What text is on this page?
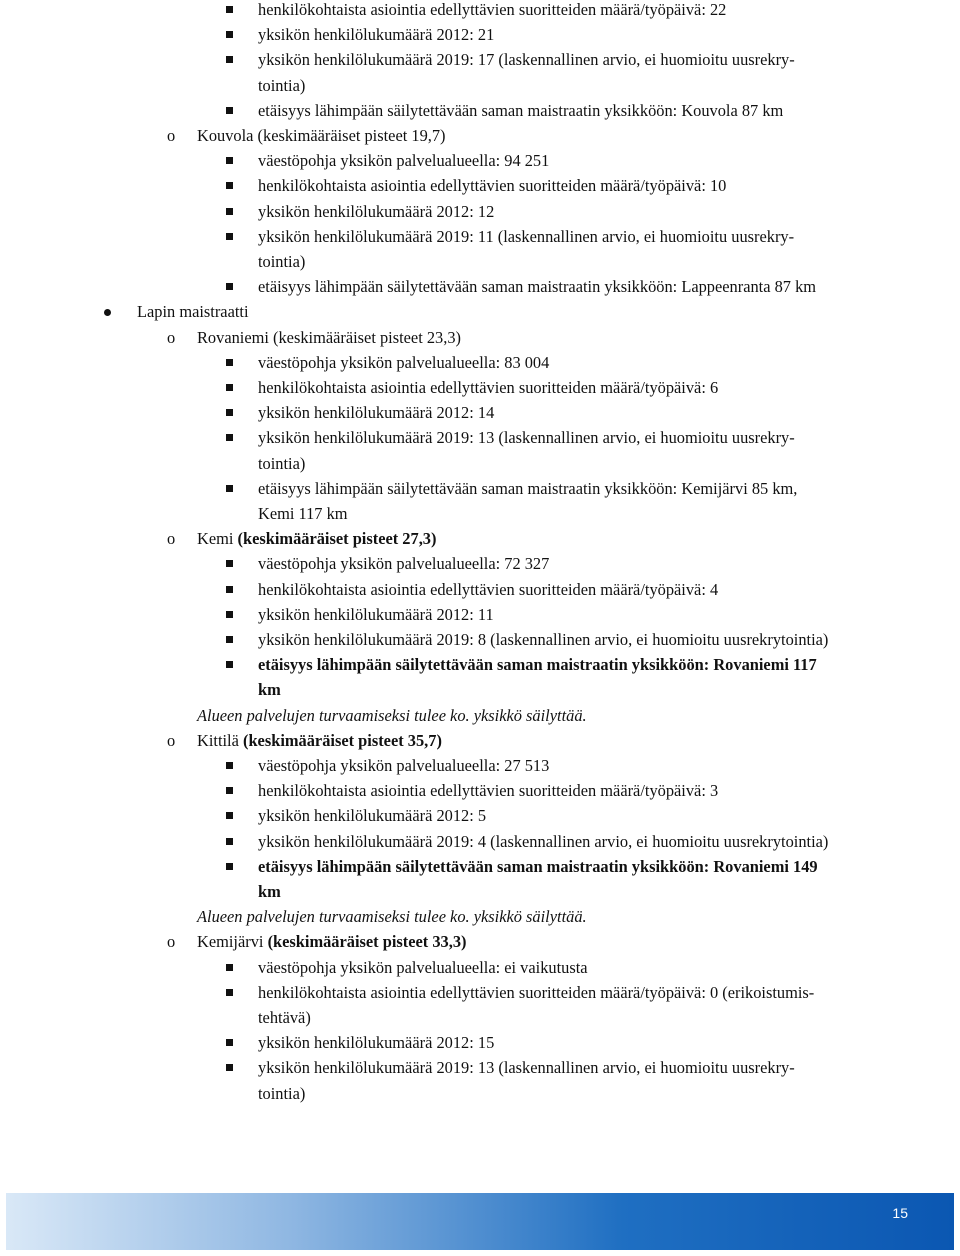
henkilökohtaista asiointia edellyttävien suoritteiden määrä/työpäivä: 22
yksikön henkilölukumäärä 2012: 21
yksikön henkilölukumäärä 2019: 17 (laskennallinen arvio, ei huomioitu uusrekry-
tointia)
etäisyys lähimpään säilytettävään saman maistraatin yksikköön: Kouvola 87 km
o Kouvola (keskimääräiset pisteet 19,7)
väestöpohja yksikön palvelualueella: 94 251
henkilökohtaista asiointia edellyttävien suoritteiden määrä/työpäivä: 10
yksikön henkilölukumäärä 2012: 12
yksikön henkilölukumäärä 2019: 11 (laskennallinen arvio, ei huomioitu uusrekry-
tointia)
etäisyys lähimpään säilytettävään saman maistraatin yksikköön: Lappeenranta 87 km
Lapin maistraatti
o Rovaniemi (keskimääräiset pisteet 23,3)
väestöpohja yksikön palvelualueella: 83 004
henkilökohtaista asiointia edellyttävien suoritteiden määrä/työpäivä: 6
yksikön henkilölukumäärä 2012: 14
yksikön henkilölukumäärä 2019: 13 (laskennallinen arvio, ei huomioitu uusrekry-
tointia)
etäisyys lähimpään säilytettävään saman maistraatin yksikköön: Kemijärvi 85 km,
Kemi 117 km
o Kemi (keskimääräiset pisteet 27,3)
väestöpohja yksikön palvelualueella: 72 327
henkilökohtaista asiointia edellyttävien suoritteiden määrä/työpäivä: 4
yksikön henkilölukumäärä 2012: 11
yksikön henkilölukumäärä 2019: 8 (laskennallinen arvio, ei huomioitu uusrekrytointia)
etäisyys lähimpään säilytettävään saman maistraatin yksikköön: Rovaniemi 117
km
Alueen palvelujen turvaamiseksi tulee ko. yksikkö säilyttää.
o Kittilä (keskimääräiset pisteet 35,7)
väestöpohja yksikön palvelualueella: 27 513
henkilökohtaista asiointia edellyttävien suoritteiden määrä/työpäivä: 3
yksikön henkilölukumäärä 2012: 5
yksikön henkilölukumäärä 2019: 4 (laskennallinen arvio, ei huomioitu uusrekrytointia)
etäisyys lähimpään säilytettävään saman maistraatin yksikköön: Rovaniemi 149
km
Alueen palvelujen turvaamiseksi tulee ko. yksikkö säilyttää.
o Kemijärvi (keskimääräiset pisteet 33,3)
väestöpohja yksikön palvelualueella: ei vaikutusta
henkilökohtaista asiointia edellyttävien suoritteiden määrä/työpäivä: 0 (erikoistumis-
tehtävä)
yksikön henkilölukumäärä 2012: 15
yksikön henkilölukumäärä 2019: 13 (laskennallinen arvio, ei huomioitu uusrekry-
tointia)
15
